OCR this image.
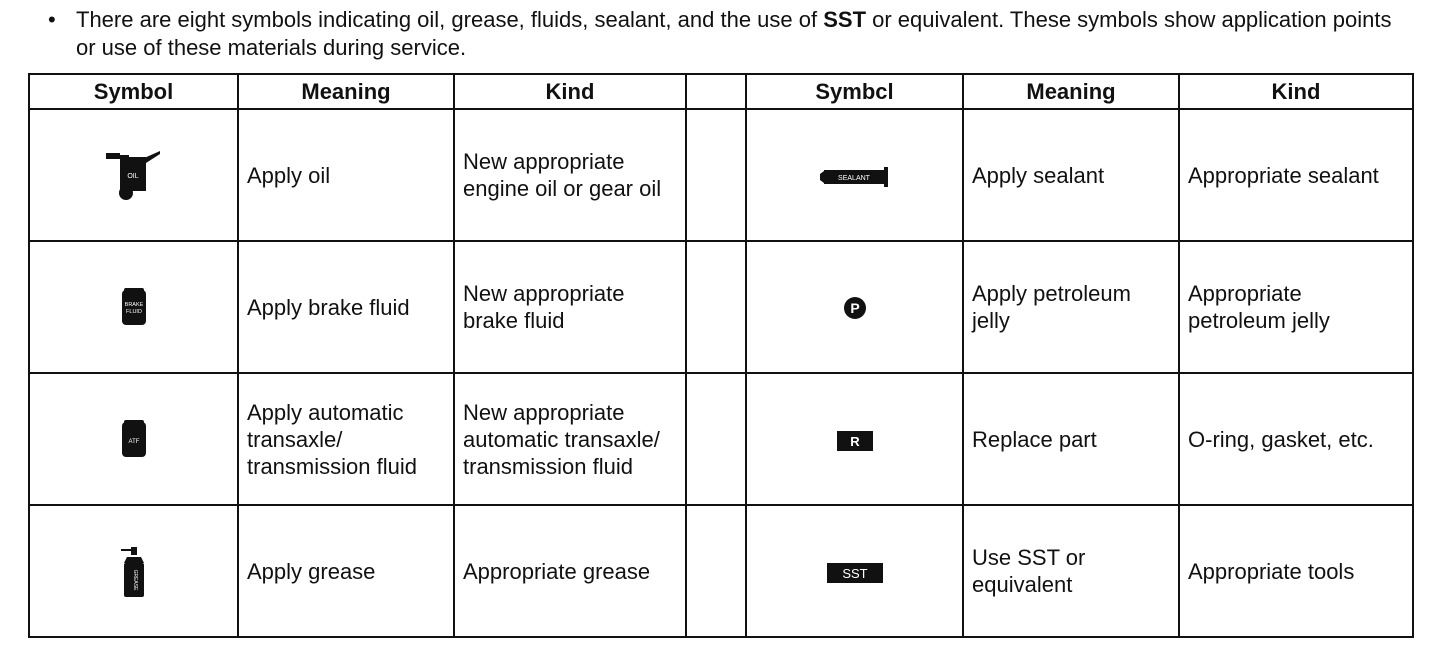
• There are eight symbols indicating oil, grease, fluids, sealant, and the use of SST or equivalent. These symbols show application points or use of these materials during service.
Symbol	Meaning	Kind		Symbcl	Meaning	Kind

OIL	Apply oil	New appropriate engine oil or gear oil		SEALANT	Apply sealant	Appropriate sealant

BRAKE
FLUID	Apply brake fluid	New appropriate brake fluid		P	Apply petroleum jelly	Appropriate petroleum jelly

ATF	Apply automatic transaxle/ transmission fluid	New appropriate automatic transaxle/ transmission fluid		R	Replace part	O-ring, gasket, etc.

GREASE	Apply grease	Appropriate grease		SST	Use SST or equivalent	Appropriate tools
